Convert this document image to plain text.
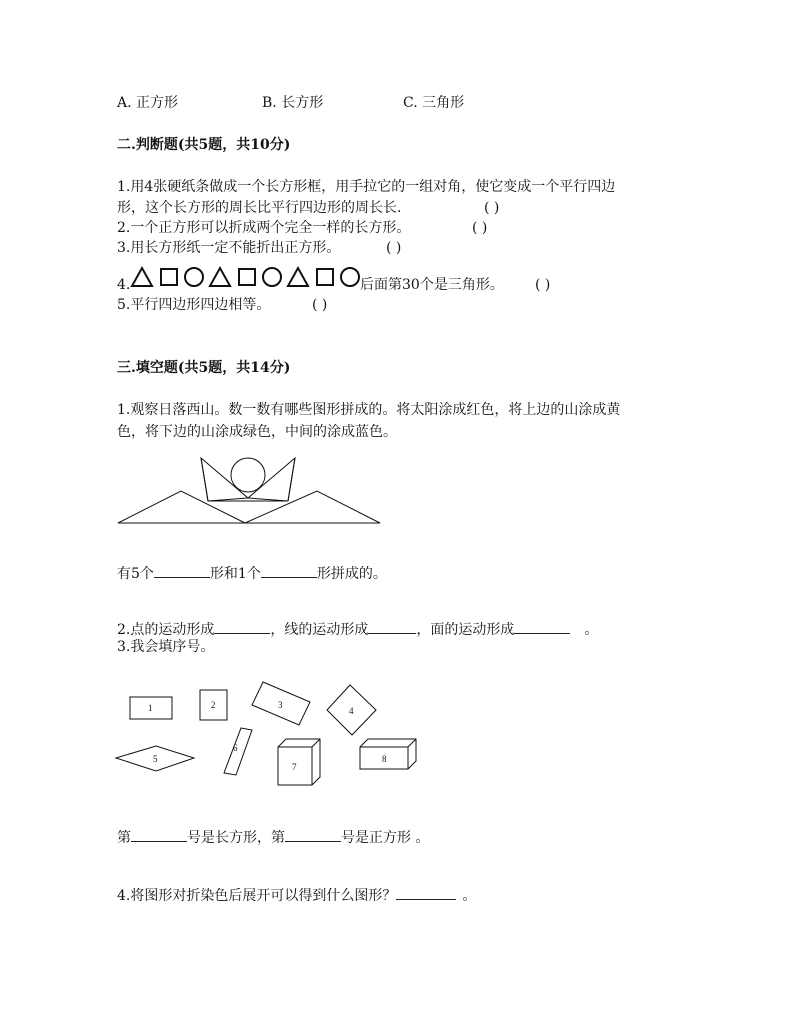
A. 正方形	B. 长方形	C. 三角形
二.判断题(共5题，共10分)
1.用4张硬纸条做成一个长方形框，用手拉它的一组对角，使它变成一个平行四边
形，这个长方形的周长比平行四边形的周长长.	( )
2.一个正方形可以折成两个完全一样的长方形。	( )
3.用长方形纸一定不能折出正方形。	( )
4.	后面第30个是三角形。 ( )
5.平行四边形四边相等。	( )
三.填空题(共5题，共14分)
1.观察日落西山。数一数有哪些图形拼成的。将太阳涂成红色，将上边的山涂成黄
色，将下边的山涂成绿色，中间的涂成蓝色。
有5个	形和1个	形拼成的。
2.点的运动形成	，线的运动形成	，面的运动形成	。
3.我会填序号。
1	2	3
4
5
6
7
8
第	号是长方形，第	号是正方形 。
4.将图形对折染色后展开可以得到什么图形？	。
